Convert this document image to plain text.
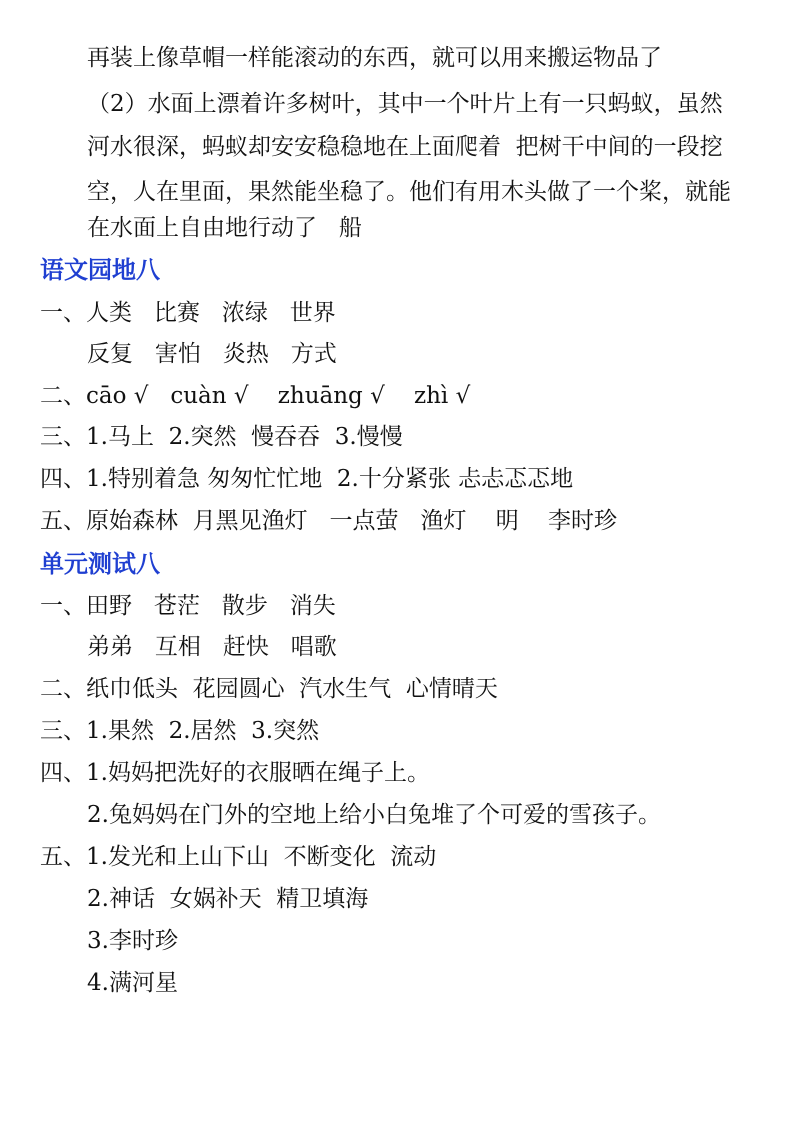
再装上像草帽一样能滚动的东西，就可以用来搬运物品了
（2）水面上漂着许多树叶，其中一个叶片上有一只蚂蚁，虽然
河水很深，蚂蚁却安安稳稳地在上面爬着  把树干中间的一段挖
空，人在里面，果然能坐稳了。他们有用木头做了一个桨，就能
在水面上自由地行动了   船
语文园地八
一、人类   比赛   浓绿   世界
反复   害怕   炎热   方式
二、cāo √   cuàn √    zhuāng √    zhì √
三、1.马上  2.突然  慢吞吞  3.慢慢
四、1.特别着急 匆匆忙忙地  2.十分紧张 忐忐忑忑地
五、原始森林  月黑见渔灯   一点萤   渔灯    明    李时珍
单元测试八
一、田野   苍茫   散步   消失
弟弟   互相   赶快   唱歌
二、纸巾低头  花园圆心  汽水生气  心情晴天
三、1.果然  2.居然  3.突然
四、1.妈妈把洗好的衣服晒在绳子上。
2.兔妈妈在门外的空地上给小白兔堆了个可爱的雪孩子。
五、1.发光和上山下山  不断变化  流动
2.神话  女娲补天  精卫填海
3.李时珍
4.满河星
